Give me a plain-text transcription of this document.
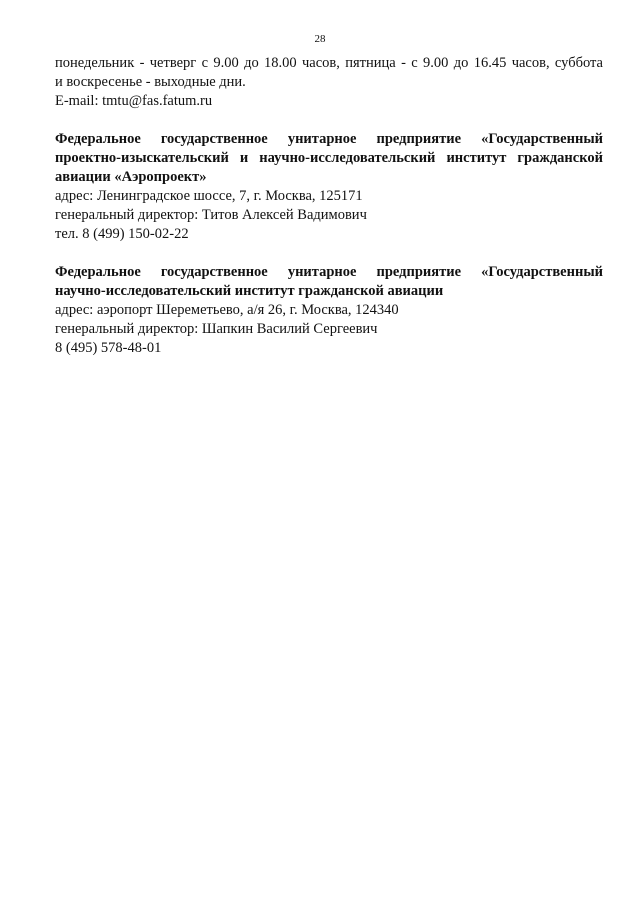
28
понедельник - четверг с 9.00 до 18.00 часов, пятница - с 9.00 до 16.45 часов, суббота
и воскресенье - выходные дни.
E-mail: tmtu@fas.fatum.ru
Федеральное государственное унитарное предприятие «Государственный
проектно-изыскательский и научно-исследовательский институт гражданской
авиации «Аэропроект»
адрес: Ленинградское шоссе, 7, г. Москва, 125171
генеральный директор: Титов Алексей Вадимович
тел. 8 (499) 150-02-22
Федеральное государственное унитарное предприятие «Государственный
научно-исследовательский институт гражданской авиации
адрес: аэропорт Шереметьево, а/я 26, г. Москва, 124340
генеральный директор: Шапкин Василий Сергеевич
8 (495) 578-48-01
